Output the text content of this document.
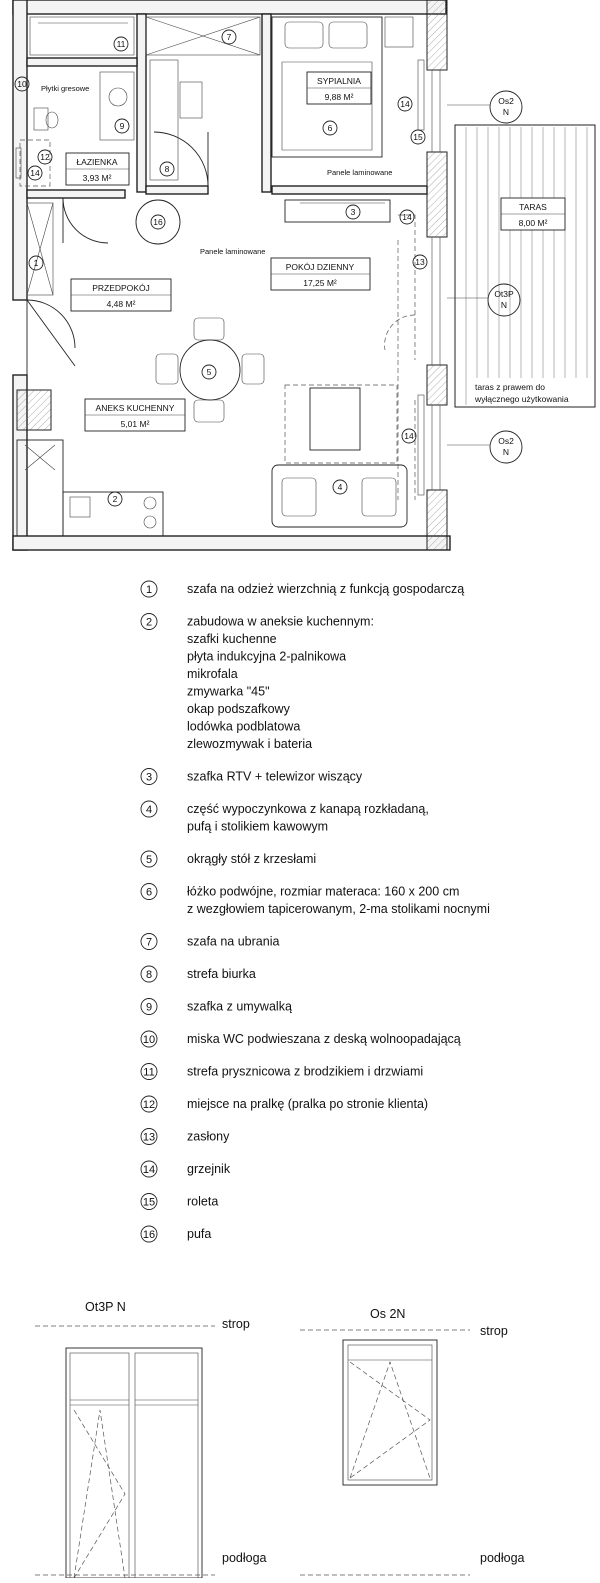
Os2
N
Ot3P
N
Os2
N
SYPIALNIA
9,88 M²
ŁAZIENKA
3,93 M²
PRZEDPOKÓJ
4,48 M²
POKÓJ DZIENNY
17,25 M²
ANEKS KUCHENNY
5,01 M²
TARAS
8,00 M²
Płytki gresowe
Panele laminowane
Panele laminowane
taras z prawem do
wyłącznego użytkowania
1
2
3
4
5
6
7
8
9
10
11
12
13
14
14
14
14
15
16
1	szafa na odzież wierzchnią z funkcją gospodarczą
2	zabudowa w aneksie kuchennym:
szafki kuchenne
płyta indukcyjna 2-palnikowa
mikrofala
zmywarka "45"
okap podszafkowy
lodówka podblatowa
zlewozmywak i bateria
3	szafka RTV + telewizor wiszący
4	część wypoczynkowa z kanapą rozkładaną,
pufą i stolikiem kawowym
5	okrągły stół z krzesłami
6	łóżko podwójne, rozmiar materaca: 160 x 200 cm
z wezgłowiem tapicerowanym, 2-ma stolikami nocnymi
7	szafa na ubrania
8	strefa biurka
9	szafka z umywalką
10	miska WC podwieszana z deską wolnoopadającą
11	strefa prysznicowa z brodzikiem i drzwiami
12	miejsce na pralkę (pralka po stronie klienta)
13	zasłony
14	grzejnik
15	roleta
16	pufa
Ot3P N
strop
podłoga
Os 2N
strop
podłoga
